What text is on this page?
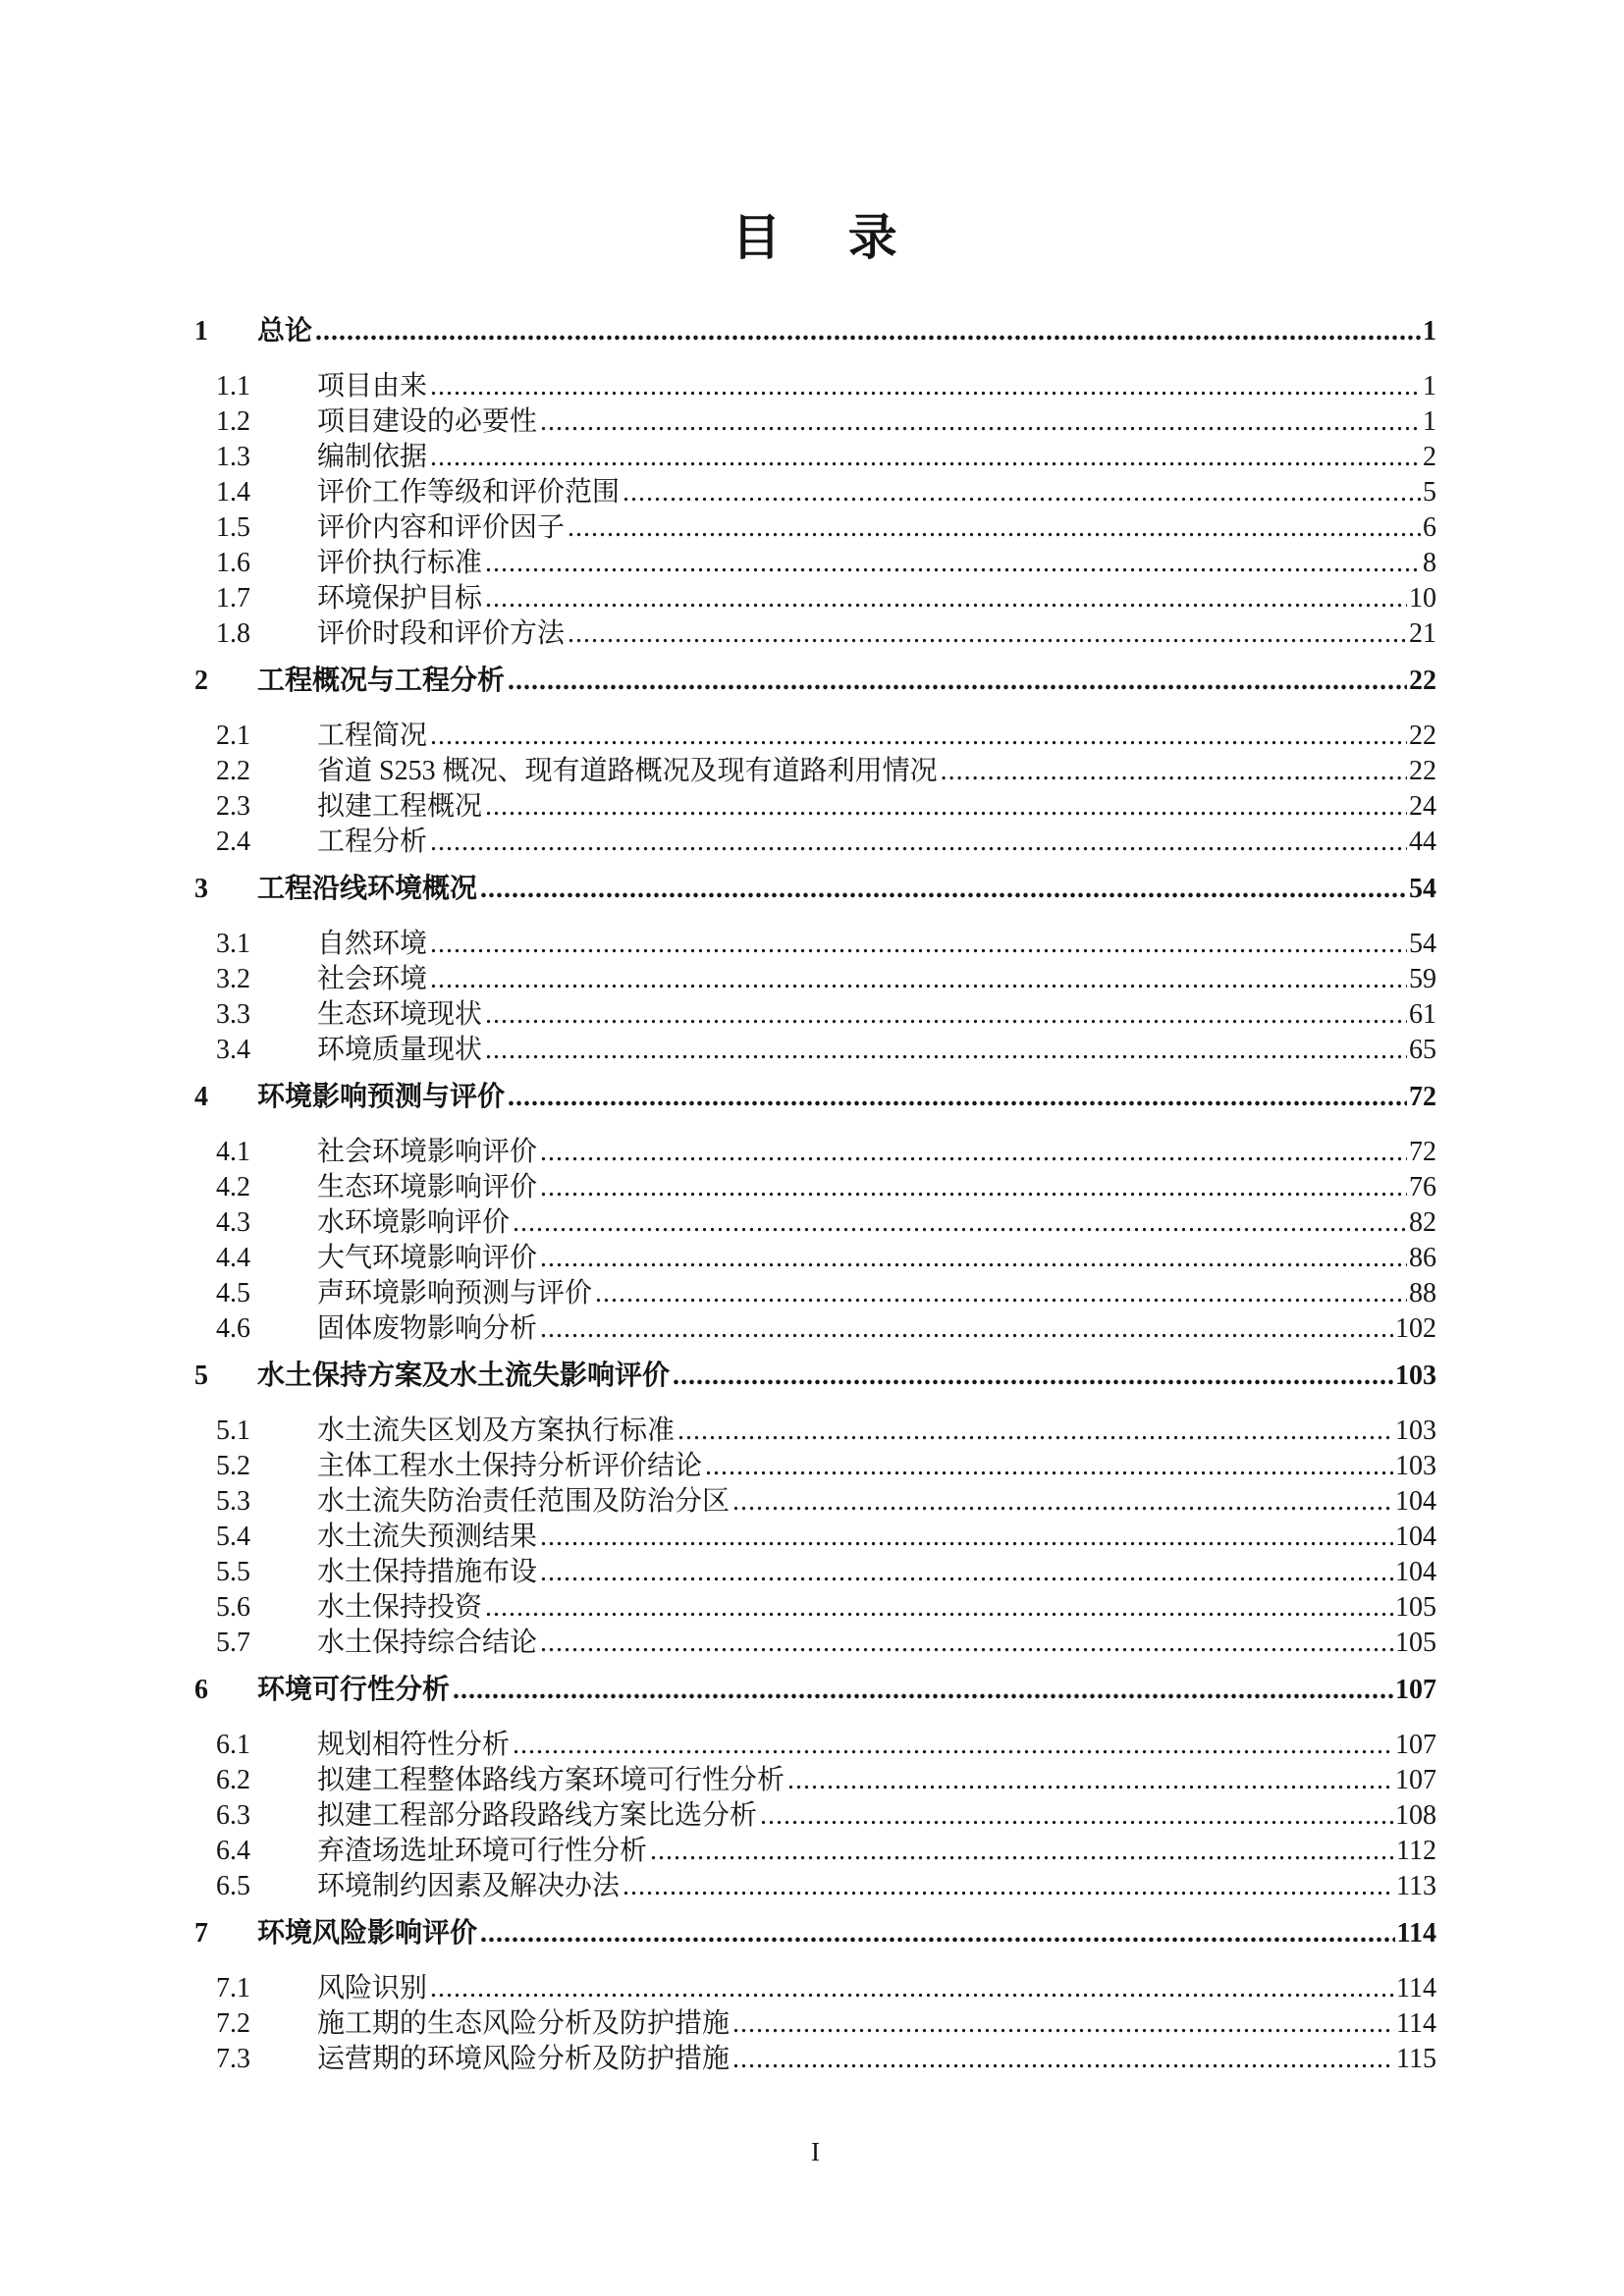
目 录
1	总论 .....	1
1.1	项目由来 .....	1
1.2	项目建设的必要性 .....	1
1.3	编制依据 .....	2
1.4	评价工作等级和评价范围 .....	5
1.5	评价内容和评价因子 .....	6
1.6	评价执行标准 .....	8
1.7	环境保护目标 .....	10
1.8	评价时段和评价方法 .....	21
2	工程概况与工程分析 .....	22
2.1	工程简况 .....	22
2.2	省道 S253 概况、现有道路概况及现有道路利用情况 .....	22
2.3	拟建工程概况 .....	24
2.4	工程分析 .....	44
3	工程沿线环境概况 .....	54
3.1	自然环境 .....	54
3.2	社会环境 .....	59
3.3	生态环境现状 .....	61
3.4	环境质量现状 .....	65
4	环境影响预测与评价 .....	72
4.1	社会环境影响评价 .....	72
4.2	生态环境影响评价 .....	76
4.3	水环境影响评价 .....	82
4.4	大气环境影响评价 .....	86
4.5	声环境影响预测与评价 .....	88
4.6	固体废物影响分析 .....	102
5	水土保持方案及水土流失影响评价 .....	103
5.1	水土流失区划及方案执行标准 .....	103
5.2	主体工程水土保持分析评价结论 .....	103
5.3	水土流失防治责任范围及防治分区 .....	104
5.4	水土流失预测结果 .....	104
5.5	水土保持措施布设 .....	104
5.6	水土保持投资 .....	105
5.7	水土保持综合结论 .....	105
6	环境可行性分析 .....	107
6.1	规划相符性分析 .....	107
6.2	拟建工程整体路线方案环境可行性分析 .....	107
6.3	拟建工程部分路段路线方案比选分析 .....	108
6.4	弃渣场选址环境可行性分析 .....	112
6.5	环境制约因素及解决办法 .....	113
7	环境风险影响评价 .....	114
7.1	风险识别 .....	114
7.2	施工期的生态风险分析及防护措施 .....	114
7.3	运营期的环境风险分析及防护措施 .....	115
I
